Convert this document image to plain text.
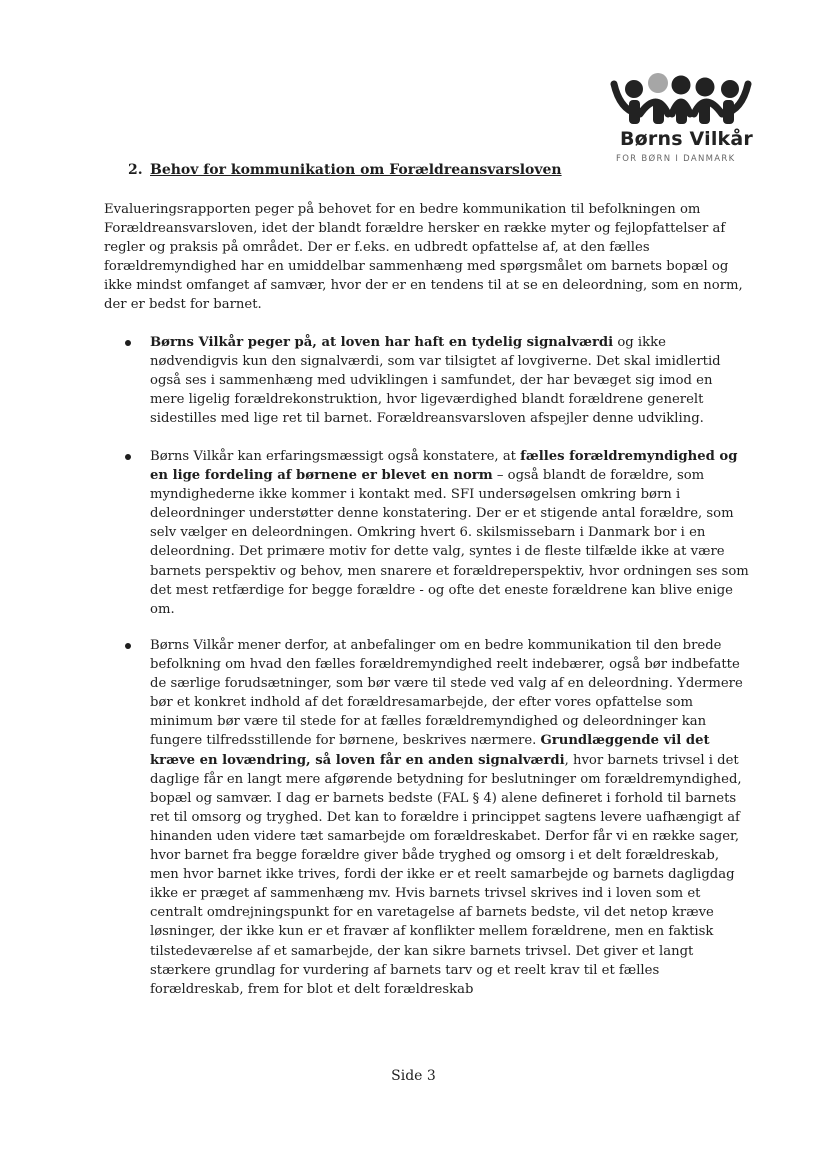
Børns Vilkår
FOR BØRN I DANMARK
2. Behov for kommunikation om Forældreansvarsloven

Evalueringsrapporten peger på behovet for en bedre kommunikation til befolkningen om Forældreansvarsloven, idet der blandt forældre hersker en række myter og fejlopfattelser af regler og praksis på området. Der er f.eks. en udbredt opfattelse af, at den fælles forældremyndighed har en umiddelbar sammenhæng med spørgsmålet om barnets bopæl og ikke mindst omfanget af samvær, hvor der er en tendens til at se en deleordning, som en norm, der er bedst for barnet.

Børns Vilkår peger på, at loven har haft en tydelig signalværdi og ikke nødvendigvis kun den signalværdi, som var tilsigtet af lovgiverne. Det skal imidlertid også ses i sammenhæng med udviklingen i samfundet, der har bevæget sig imod en mere ligelig forældrekonstruktion, hvor ligeværdighed blandt forældrene generelt sidestilles med lige ret til barnet. Forældreansvarsloven afspejler denne udvikling.

Børns Vilkår kan erfaringsmæssigt også konstatere, at fælles forældremyndighed og en lige fordeling af børnene er blevet en norm – også blandt de forældre, som myndighederne ikke kommer i kontakt med. SFI undersøgelsen omkring børn i deleordninger understøtter denne konstatering. Der er et stigende antal forældre, som selv vælger en deleordningen. Omkring hvert 6. skilsmissebarn i Danmark bor i en deleordning. Det primære motiv for dette valg, syntes i de fleste tilfælde ikke at være barnets perspektiv og behov, men snarere et forældreperspektiv, hvor ordningen ses som det mest retfærdige for begge forældre - og ofte det eneste forældrene kan blive enige om.

Børns Vilkår mener derfor, at anbefalinger om en bedre kommunikation til den brede befolkning om hvad den fælles forældremyndighed reelt indebærer, også bør indbefatte de særlige forudsætninger, som bør være til stede ved valg af en deleordning. Ydermere bør et konkret indhold af det forældresamarbejde, der efter vores opfattelse som minimum bør være til stede for at fælles forældremyndighed og deleordninger kan fungere tilfredsstillende for børnene, beskrives nærmere. Grundlæggende vil det kræve en lovændring, så loven får en anden signalværdi, hvor barnets trivsel i det daglige får en langt mere afgørende betydning for beslutninger om forældremyndighed, bopæl og samvær. I dag er barnets bedste (FAL § 4) alene defineret i forhold til barnets ret til omsorg og tryghed. Det kan to forældre i princippet sagtens levere uafhængigt af hinanden uden videre tæt samarbejde om forældreskabet. Derfor får vi en række sager, hvor barnet fra begge forældre giver både tryghed og omsorg i et delt forældreskab, men hvor barnet ikke trives, fordi der ikke er et reelt samarbejde og barnets dagligdag ikke er præget af sammenhæng mv. Hvis barnets trivsel skrives ind i loven som et centralt omdrejningspunkt for en varetagelse af barnets bedste, vil det netop kræve løsninger, der ikke kun er et fravær af konflikter mellem forældrene, men en faktisk tilstedeværelse af et samarbejde, der kan sikre barnets trivsel. Det giver et langt stærkere grundlag for vurdering af barnets tarv og et reelt krav til et fælles forældreskab, frem for blot et delt forældreskab

Side 3
